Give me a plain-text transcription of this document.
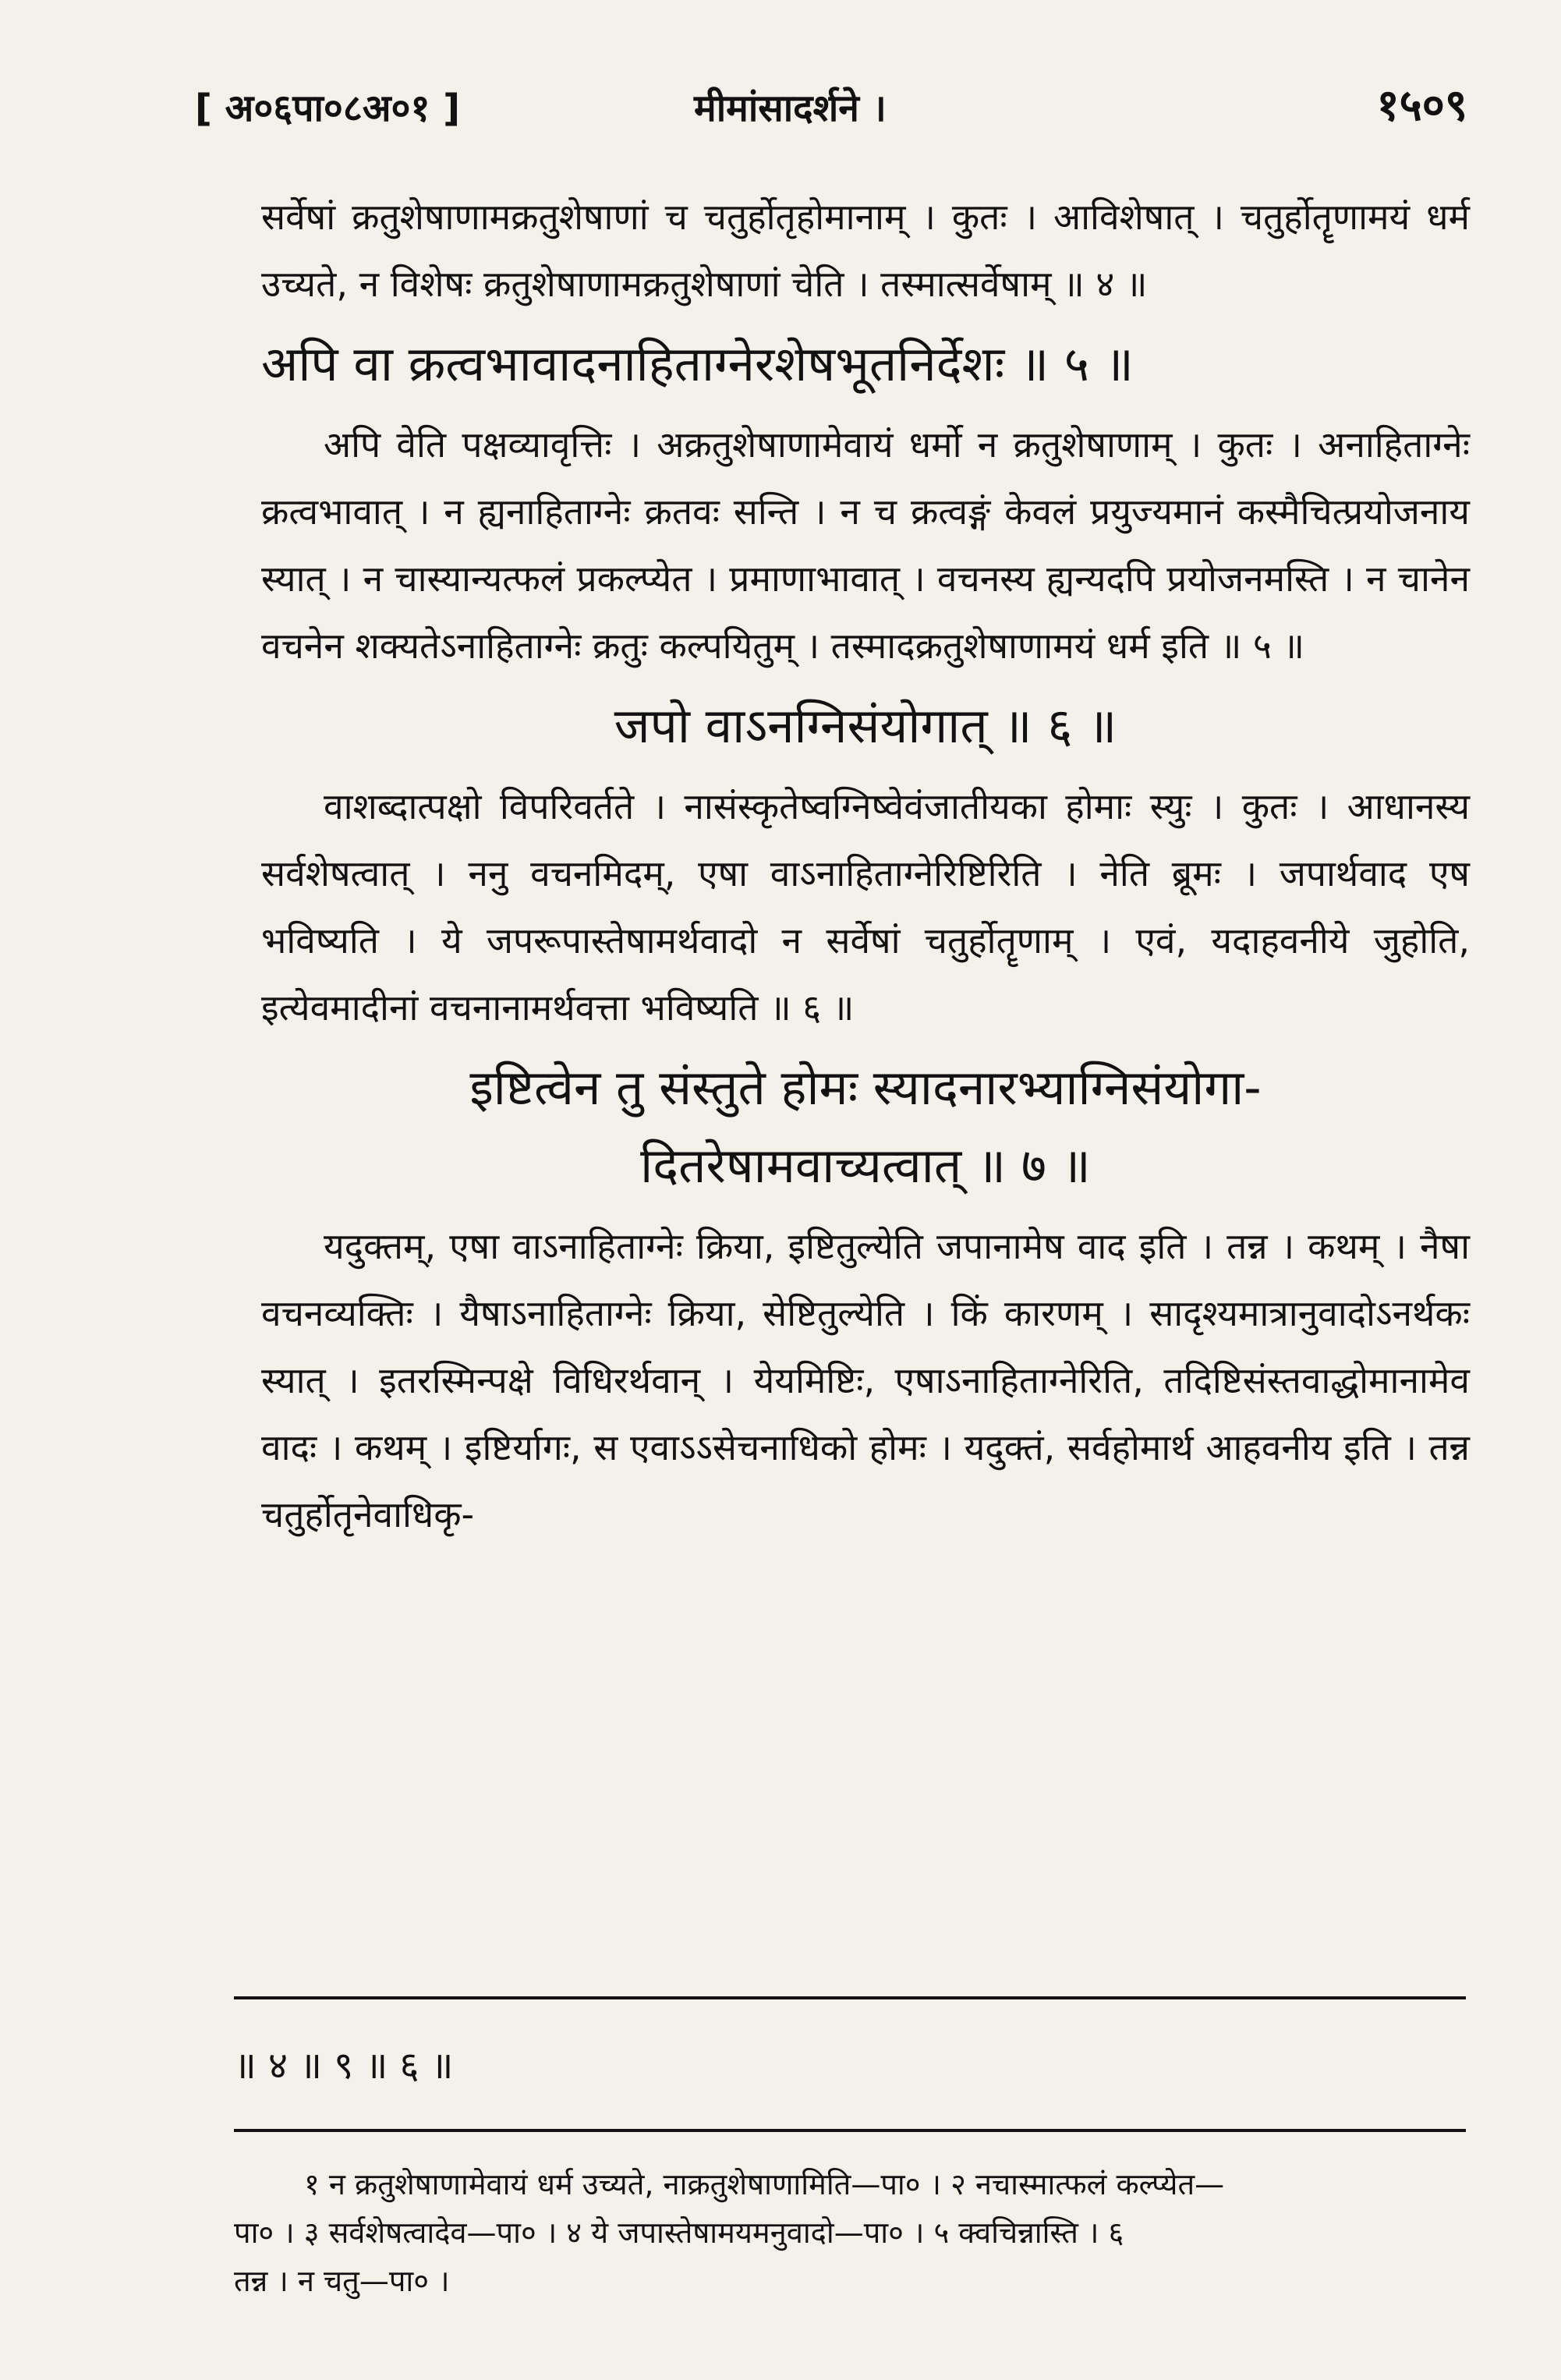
[ अ०६पा०८अ०१ ]	मीमांसादर्शने ।	१५०९

सर्वेषां क्रतुशेषाणामक्रतुशेषाणां च चतुर्होतृहोमानाम् । कुतः । आविशेषात् । चतुर्होतॄणामयं धर्म उच्यते, न विशेषः क्रतुशेषाणामक्रतुशेषाणां चेति । तस्मात्सर्वेषाम् ॥ ४ ॥

अपि वा क्रत्वभावादनाहिताग्नेरशेषभूतनिर्देशः ॥ ५ ॥

अपि वेति पक्षव्यावृत्तिः । अक्रतुशेषाणामेवायं धर्मो न क्रतुशेषाणाम् । कुतः । अनाहिताग्नेः क्रत्वभावात् । न ह्यनाहिताग्नेः क्रतवः सन्ति । न च क्रत्वङ्गं केवलं प्रयुज्यमानं कस्मैचित्प्रयोजनाय स्यात् । न चास्यान्यत्फलं प्रकल्प्येत । प्रमाणाभावात् । वचनस्य ह्यन्यदपि प्रयोजनमस्ति । न चानेन वचनेन शक्यतेऽनाहिताग्नेः क्रतुः कल्पयितुम् । तस्मादक्रतुशेषाणामयं धर्म इति ॥ ५ ॥

जपो वाऽनग्निसंयोगात् ॥ ६ ॥

वाशब्दात्पक्षो विपरिवर्तते । नासंस्कृतेष्वग्निष्वेवंजातीयका होमाः स्युः । कुतः । आधानस्य सर्वशेषत्वात् । ननु वचनमिदम्, एषा वाऽनाहिताग्नेरिष्टिरिति । नेति ब्रूमः । जपार्थवाद एष भविष्यति । ये जपरूपास्तेषामर्थवादो न सर्वेषां चतुर्होतॄणाम् । एवं, यदाहवनीये जुहोति, इत्येवमादीनां वचनानामर्थवत्ता भविष्यति ॥ ६ ॥

इष्टित्वेन तु संस्तुते होमः स्यादनारभ्याग्निसंयोगा-
दितरेषामवाच्यत्वात् ॥ ७ ॥

यदुक्तम्, एषा वाऽनाहिताग्नेः क्रिया, इष्टितुल्येति जपानामेष वाद इति । तन्न । कथम् । नैषा वचनव्यक्तिः । यैषाऽनाहिताग्नेः क्रिया, सेष्टितुल्येति । किं कारणम् । सादृश्यमात्रानुवादोऽनर्थकः स्यात् । इतरस्मिन्पक्षे विधिरर्थवान् । येयमिष्टिः, एषाऽनाहिताग्नेरिति, तदिष्टिसंस्तवाद्धोमानामेव वादः । कथम् । इष्टिर्यागः, स एवाऽऽसेचनाधिको होमः । यदुक्तं, सर्वहोमार्थ आहवनीय इति । तन्न चतुर्होतृनेवाधिकृ-

॥ ४ ॥ ९ ॥ ६ ॥
१ न क्रतुशेषाणामेवायं धर्म उच्यते, नाक्रतुशेषाणामिति—पा० । २ नचास्मात्फलं कल्प्येत—
पा० । ३ सर्वशेषत्वादेव—पा० । ४ ये जपास्तेषामयमनुवादो—पा० । ५ क्वचिन्नास्ति । ६
तन्न । न चतु—पा० ।
